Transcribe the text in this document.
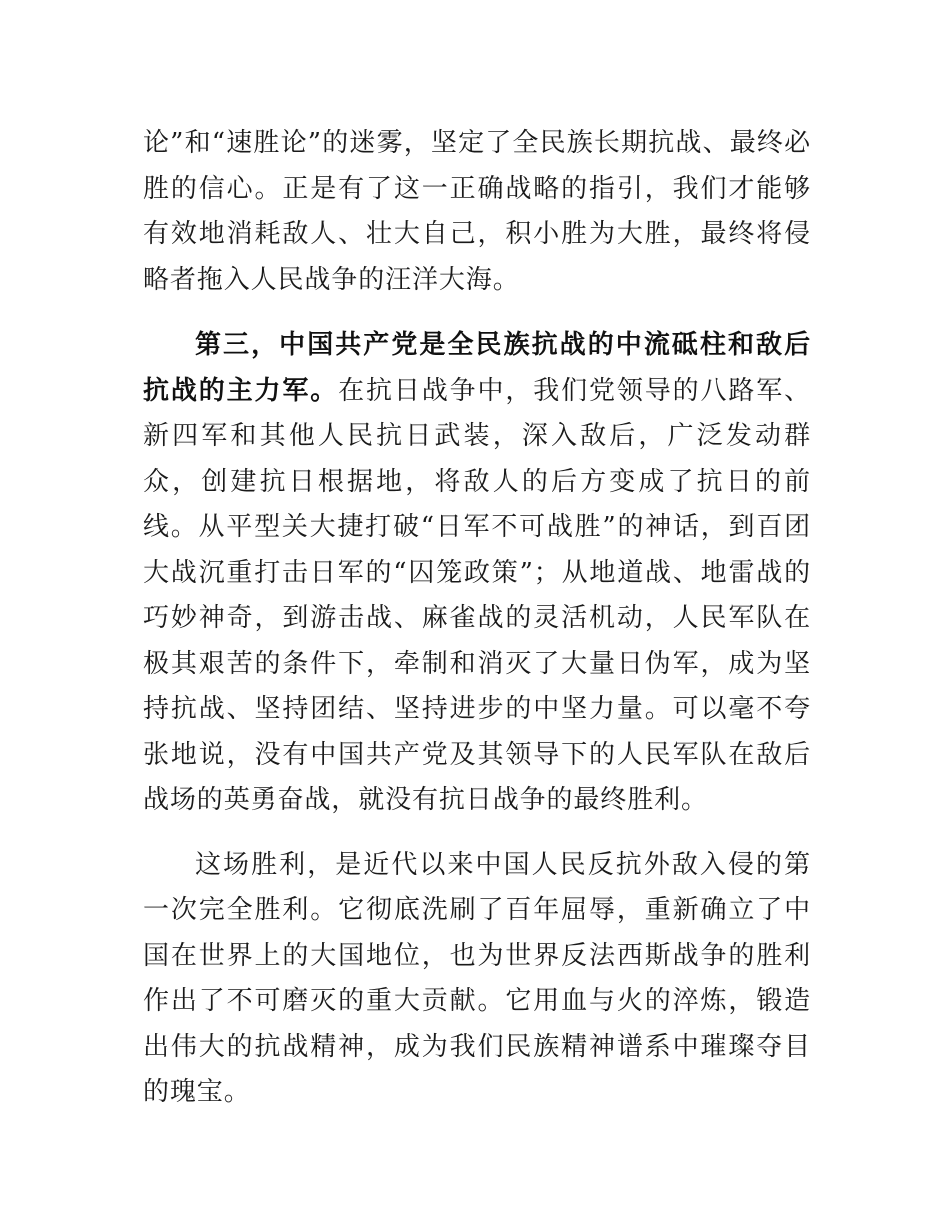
论”和“速胜论”的迷雾，坚定了全民族长期抗战、最终必胜的信心。正是有了这一正确战略的指引，我们才能够有效地消耗敌人、壮大自己，积小胜为大胜，最终将侵略者拖入人民战争的汪洋大海。

第三，中国共产党是全民族抗战的中流砥柱和敌后抗战的主力军。在抗日战争中，我们党领导的八路军、新四军和其他人民抗日武装，深入敌后，广泛发动群众，创建抗日根据地，将敌人的后方变成了抗日的前线。从平型关大捷打破“日军不可战胜”的神话，到百团大战沉重打击日军的“囚笼政策”；从地道战、地雷战的巧妙神奇，到游击战、麻雀战的灵活机动，人民军队在极其艰苦的条件下，牵制和消灭了大量日伪军，成为坚持抗战、坚持团结、坚持进步的中坚力量。可以毫不夸张地说，没有中国共产党及其领导下的人民军队在敌后战场的英勇奋战，就没有抗日战争的最终胜利。

这场胜利，是近代以来中国人民反抗外敌入侵的第一次完全胜利。它彻底洗刷了百年屈辱，重新确立了中国在世界上的大国地位，也为世界反法西斯战争的胜利作出了不可磨灭的重大贡献。它用血与火的淬炼，锻造出伟大的抗战精神，成为我们民族精神谱系中璀璨夺目的瑰宝。
